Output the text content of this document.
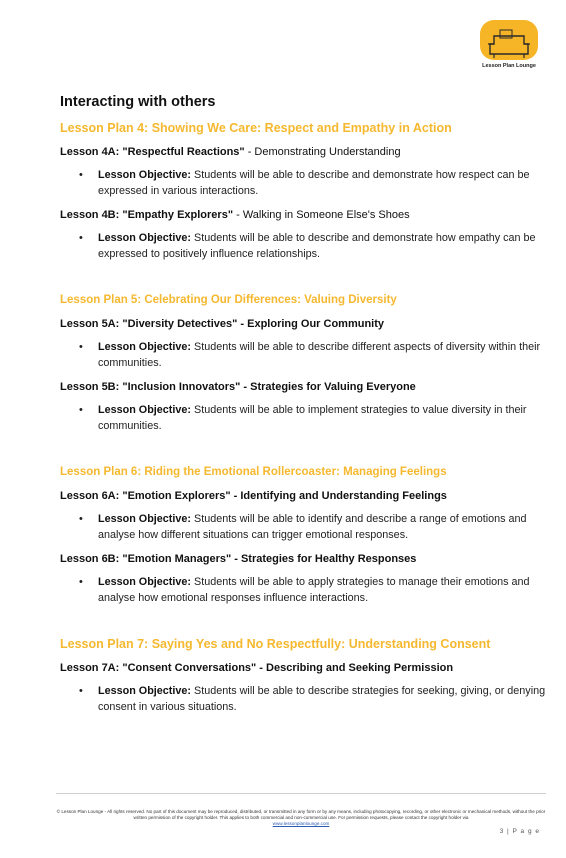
Lesson Plan Lounge
Interacting with others
Lesson Plan 4: Showing We Care: Respect and Empathy in Action

Lesson 4A: "Respectful Reactions" - Demonstrating Understanding

• Lesson Objective: Students will be able to describe and demonstrate how respect can be expressed in various interactions.

Lesson 4B: "Empathy Explorers" - Walking in Someone Else's Shoes

• Lesson Objective: Students will be able to describe and demonstrate how empathy can be expressed to positively influence relationships.

Lesson Plan 5: Celebrating Our Differences: Valuing Diversity

Lesson 5A: "Diversity Detectives" - Exploring Our Community

• Lesson Objective: Students will be able to describe different aspects of diversity within their communities.

Lesson 5B: "Inclusion Innovators" - Strategies for Valuing Everyone

• Lesson Objective: Students will be able to implement strategies to value diversity in their communities.

Lesson Plan 6: Riding the Emotional Rollercoaster: Managing Feelings

Lesson 6A: "Emotion Explorers" - Identifying and Understanding Feelings

• Lesson Objective: Students will be able to identify and describe a range of emotions and analyse how different situations can trigger emotional responses.

Lesson 6B: "Emotion Managers" - Strategies for Healthy Responses

• Lesson Objective: Students will be able to apply strategies to manage their emotions and analyse how emotional responses influence interactions.

Lesson Plan 7: Saying Yes and No Respectfully: Understanding Consent

Lesson 7A: "Consent Conversations" - Describing and Seeking Permission

• Lesson Objective: Students will be able to describe strategies for seeking, giving, or denying consent in various situations.

© Lesson Plan Lounge - All rights reserved. No part of this document may be reproduced, distributed, or transmitted in any form or by any means, including photocopying, recording, or other electronic or mechanical methods, without the prior written permission of the copyright holder. This applies to both commercial and non-commercial use. For permission requests, please contact the copyright holder via
www.lessonplanlounge.com
3 | P a g e
